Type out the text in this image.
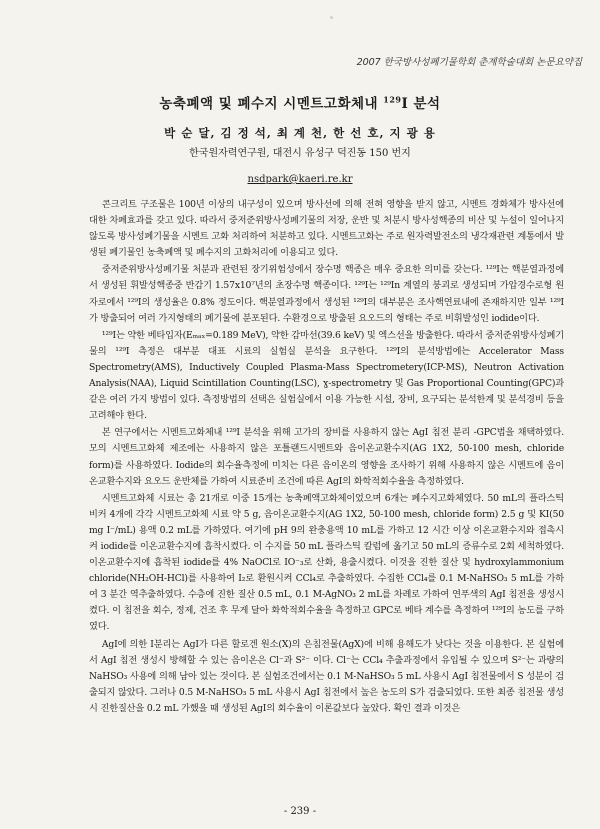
2007 한국방사성폐기물학회 춘계학술대회 논문요약집
농축폐액 및 폐수지 시멘트고화체내 $^{129}$I 분석
박 순 달, 김 정 석, 최 계 천, 한 선 호, 지 광 용
한국원자력연구원, 대전시 유성구 덕진동 150 번지
nsdpark@kaeri.re.kr

콘크리트 구조물은 100년 이상의 내구성이 있으며 방사선에 의해 전혀 영향을 받지 않고, 시멘트 경화체가 방사선에 대한 차폐효과를 갖고 있다. 따라서 중저준위방사성폐기물의 저장, 운반 및 처분시 방사성핵종의 비산 및 누설이 일어나지 않도록 방사성폐기물을 시멘트 고화 처리하여 처분하고 있다. 시멘트고화는 주로 원자력발전소의 냉각재관련 계통에서 발생된 폐기물인 농축폐액 및 폐수지의 고화처리에 이용되고 있다.

중저준위방사성폐기물 처분과 관련된 장기위험성에서 장수명 핵종은 매우 중요한 의미를 갖는다. ¹²⁹I는 핵분열과정에서 생성된 휘발성핵종중 반감기 1.57x10⁷년의 초장수명 핵종이다. ¹²⁹I는 ¹²⁹In 계열의 붕괴로 생성되며 가압경수로형 원자로에서 ¹²⁹I의 생성율은 0.8% 정도이다. 핵분열과정에서 생성된 ¹²⁹I의 대부분은 조사핵연료내에 존재하지만 일부 ¹²⁹I가 방출되어 여러 가지형태의 폐기물에 분포된다. 수환경으로 방출된 요오드의 형태는 주로 비휘발성인 iodide이다.

¹²⁹I는 약한 베타입자(Eₘₐₓ=0.189 MeV), 약한 감마선(39.6 keV) 및 엑스선을 방출한다. 따라서 중저준위방사성폐기물의 ¹²⁹I 측정은 대부분 대표 시료의 실험실 분석을 요구한다. ¹²⁹I의 분석방법에는 Accelerator Mass Spectrometry(AMS), Inductively Coupled Plasma-Mass Spectrometery(ICP-MS), Neutron Activation Analysis(NAA), Liquid Scintillation Counting(LSC), ɣ-spectrometry 및 Gas Proportional Counting(GPC)과 같은 여러 가지 방법이 있다. 측정방법의 선택은 실험실에서 이용 가능한 시설, 장비, 요구되는 분석한계 및 분석경비 등을 고려해야 한다.

본 연구에서는 시멘트고화체내 ¹²⁹I 분석을 위해 고가의 장비를 사용하지 않는 AgI 침전 분리 -GPC법을 채택하였다. 모의 시멘트고화체 제조에는 사용하지 않은 포틀랜드시멘트와 음이온교환수지(AG 1X2, 50-100 mesh, chloride form)를 사용하였다. Iodide의 회수율측정에 미치는 다른 음이온의 영향을 조사하기 위해 사용하지 않은 시멘트에 음이온교환수지와 요오드 운반체를 가하여 시료준비 조건에 따른 AgI의 화학적회수율을 측정하였다.

시멘트고화체 시료는 총 21개로 이중 15개는 농축폐액고화체이었으며 6개는 폐수지고화체였다. 50 mL의 플라스틱 비커 4개에 각각 시멘트고화체 시료 약 5 g, 음이온교환수지(AG 1X2, 50-100 mesh, chloride form) 2.5 g 및 KI(50 mg I⁻/mL) 용액 0.2 mL를 가하였다. 여기에 pH 9의 완충용액 10 mL를 가하고 12 시간 이상 이온교환수지와 접촉시켜 iodide를 이온교환수지에 흡착시켰다. 이 수지를 50 mL 플라스틱 칼럼에 옮기고 50 mL의 증류수로 2회 세척하였다. 이온교환수지에 흡착된 iodide를 4% NaOCl로 IO⁻₃로 산화, 용출시켰다. 이것을 진한 질산 및 hydroxylammonium chloride(NH₂OH-HCl)를 사용하여 I₂로 환원시켜 CCl₄로 추출하였다. 수집한 CCl₄를 0.1 M-NaHSO₃ 5 mL를 가하여 3 분간 역추출하였다. 수층에 진한 질산 0.5 mL, 0.1 M-AgNO₃ 2 mL를 차례로 가하여 연푸색의 AgI 침전을 생성시켰다. 이 침전을 회수, 정제, 건조 후 무게 달아 화학적회수율을 측정하고 GPC로 베타 계수를 측정하여 ¹²⁹I의 농도를 구하였다.

AgI에 의한 I분리는 AgI가 다른 할로겐 원소(X)의 은침전물(AgX)에 비해 용해도가 낮다는 것을 이용한다. 본 실험에서 AgI 침전 생성시 방해할 수 있는 음이온은 Cl⁻과 S²⁻ 이다. Cl⁻는 CCl₄ 추출과정에서 유입될 수 있으며 S²⁻는 과량의 NaHSO₃ 사용에 의해 남아 있는 것이다. 본 실험조건에서는 0.1 M-NaHSO₃ 5 mL 사용시 AgI 침전물에서 S 성분이 검출되지 않았다. 그러나 0.5 M-NaHSO₃ 5 mL 사용시 AgI 침전에서 높은 농도의 S가 검출되었다. 또한 최종 침전물 생성시 진한질산을 0.2 mL 가했을 때 생성된 AgI의 회수율이 이론값보다 높았다. 확인 결과 이것은

- 239 -
